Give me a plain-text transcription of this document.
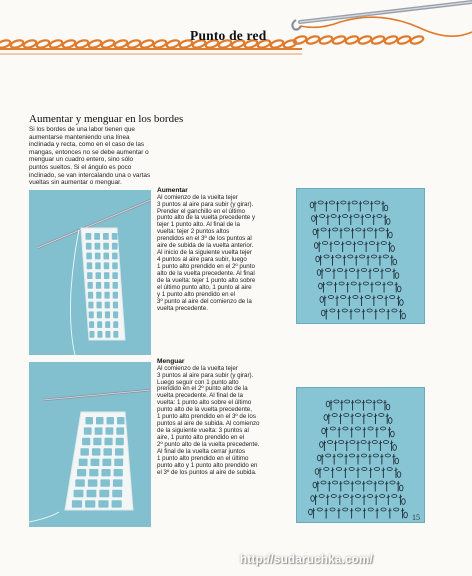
Punto de red
Aumentar y menguar en los bordes
Si los bordes de una labor tienen que
aumentarse manteniendo una línea
inclinada y recta, como en el caso de las
mangas, entonces no se debe aumentar o
menguar un cuadro entero, sino sólo
puntos sueltos. Si el ángulo es poco
inclinado, se van intercalando una o vartas
vueltas sin aumentar o menguar.
Aumentar
Al comienzo de la vuelta tejer
3 puntos al aire para subir (y girar).
Prender el ganchillo en el último
punto alto de la vuelta precedente y
tejer 1 punto alto. Al final de la
vuelta: tejer 2 puntos altos
prendidos en el 3º de los puntos al
aire de subida de la vuelta anterior.
Al inicio de la siguiente vuelta tejer
4 puntos al aire para subir, luego
1 punto alto prendido en el 2º punto
alto de la vuelta precedente. Al final
de la vuelta: tejer 1 punto alto sobre
el último punto alto, 1 punto al aire
y 1 punto alto prendido en el
3º punto al aire del comienzo de la
vuelta precedente.
Menguar
Al comienzo de la vuelta tejer
3 puntos al aire para subir (y girar).
Luego seguir con 1 punto alto
prendido en el 2º punto alto de la
vuelta precedente. Al final de la
vuelta: 1 punto alto sobre el último
punto alto de la vuelta precedente,
1 punto alto prendido en el 3º de los
puntos al aire de subida. Al comienzo
de la siguiente vuelta: 3 puntos al
aire, 1 punto alto prendido en el
2º punto alto de la vuelta precedente.
Al final de la vuelta cerrar juntos
1 punto alto prendido en el último
punto alto y 1 punto alto prendido en
el 3º de los puntos al aire de subida.
15
http://sudaruchka.com/
